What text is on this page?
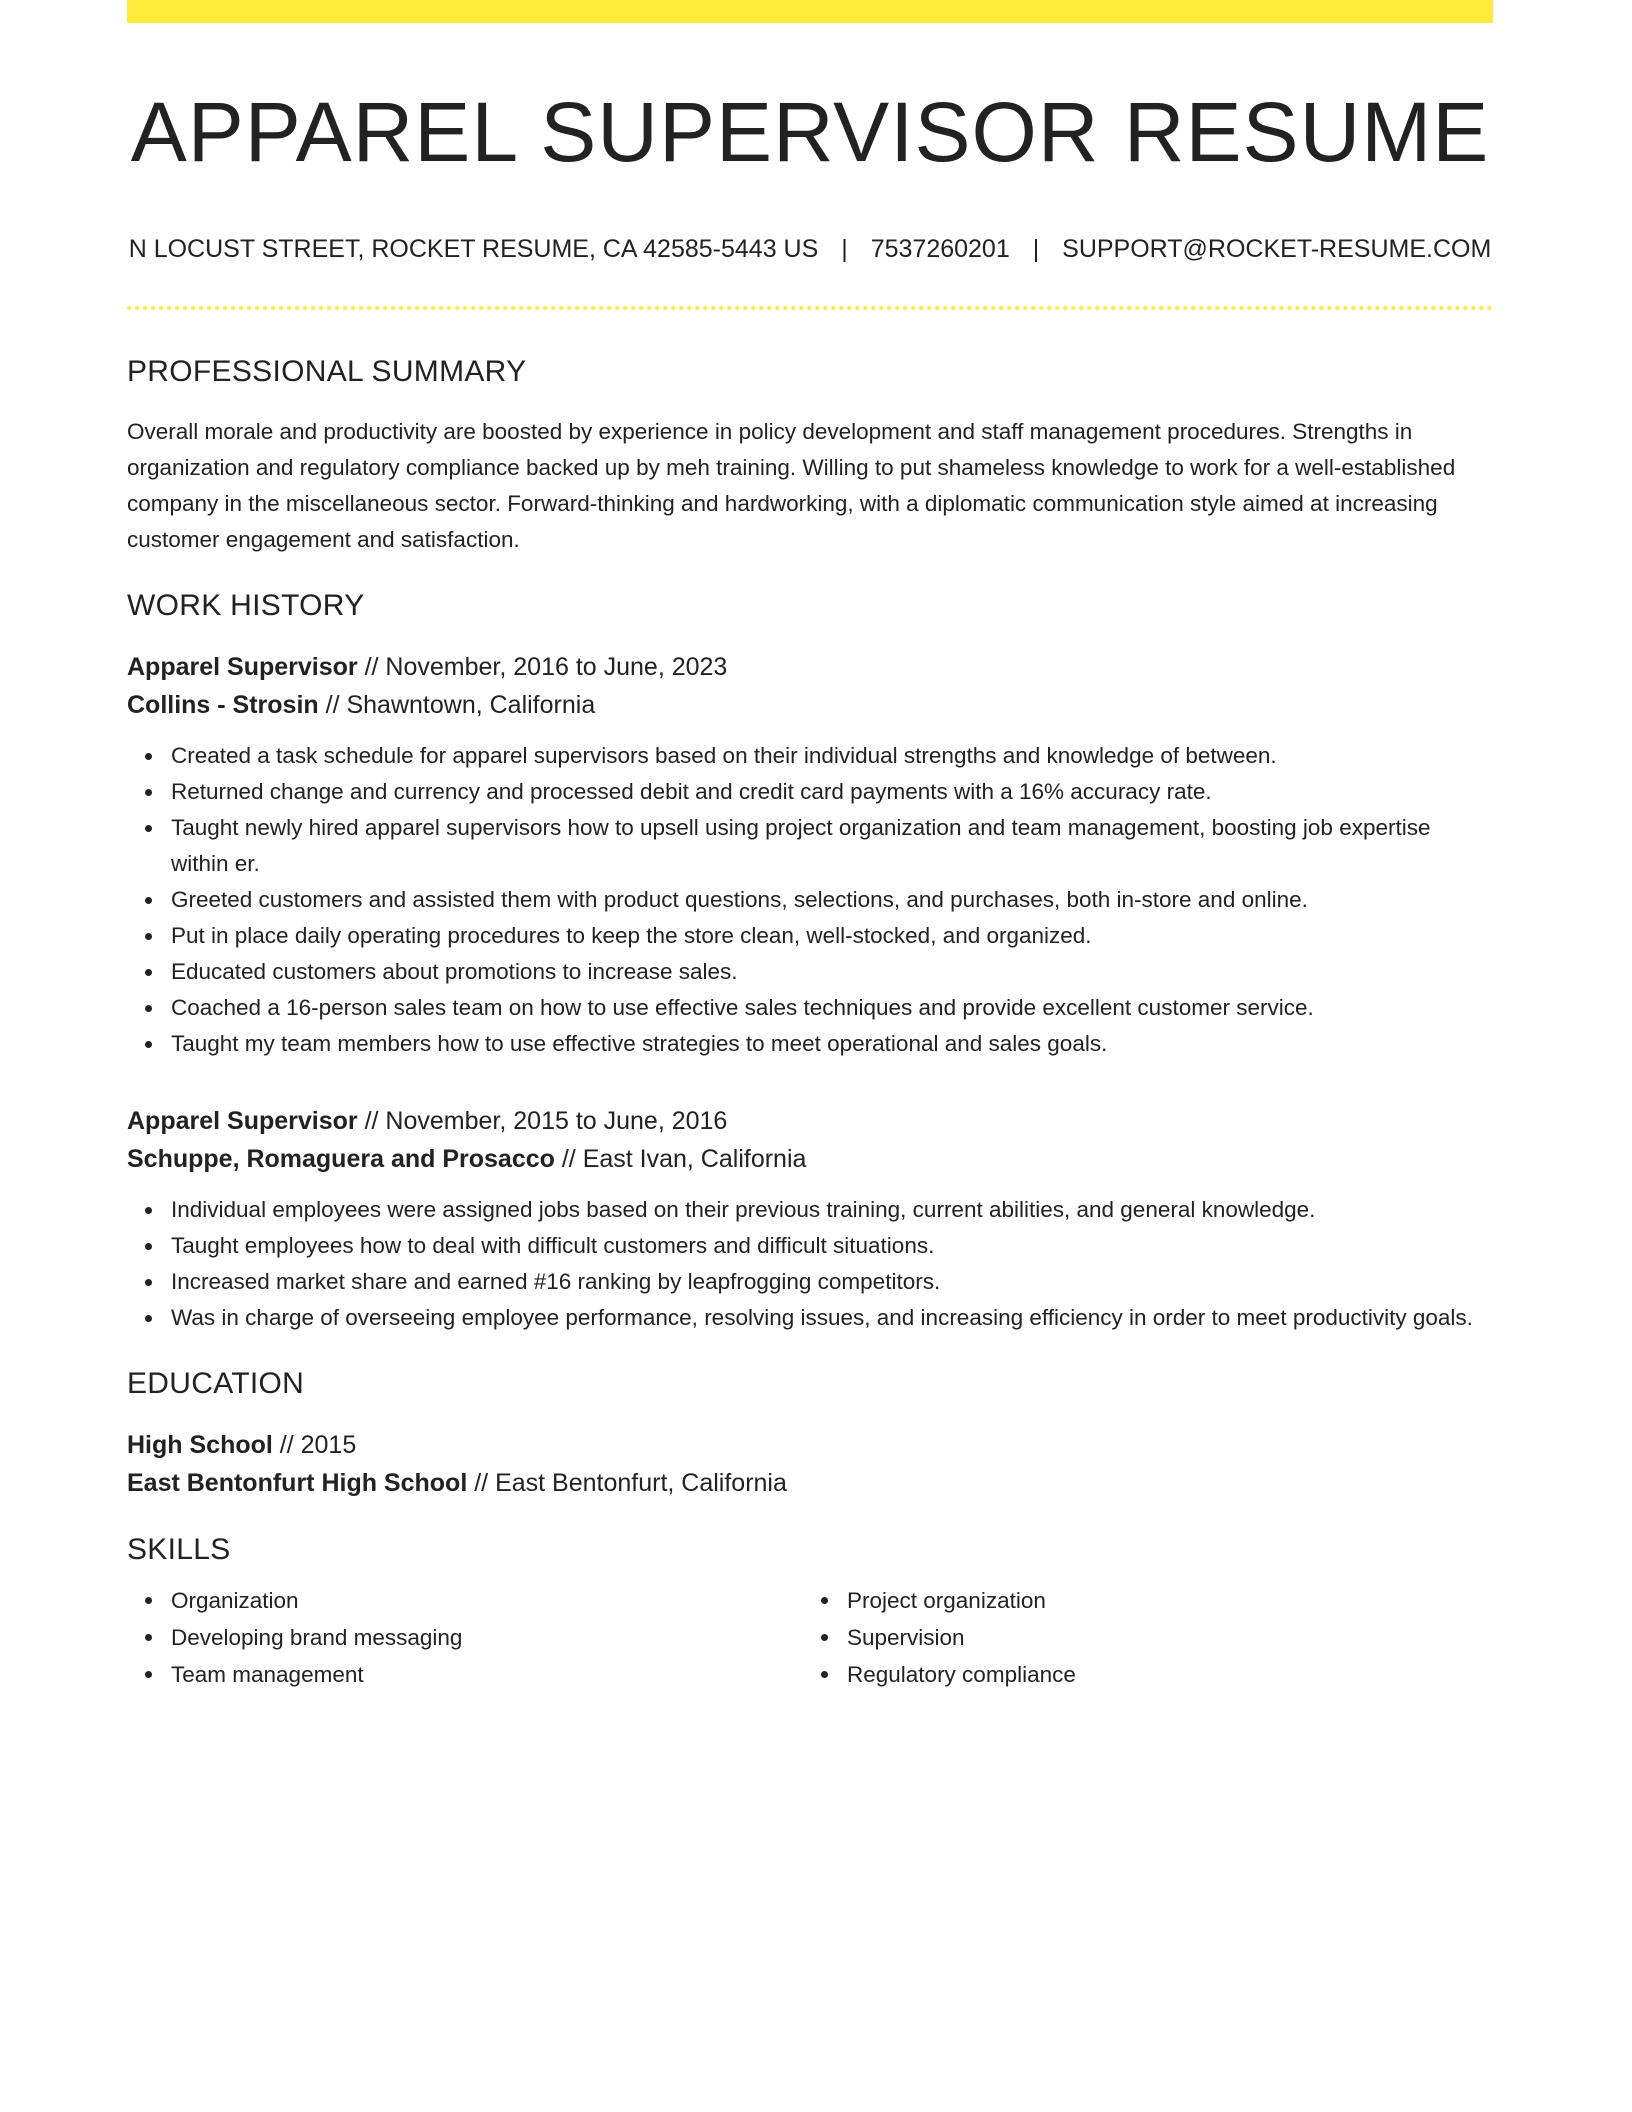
APPAREL SUPERVISOR RESUME
N LOCUST STREET, ROCKET RESUME, CA 42585-5443 US | 7537260201 | SUPPORT@ROCKET-RESUME.COM
PROFESSIONAL SUMMARY

Overall morale and productivity are boosted by experience in policy development and staff management procedures. Strengths in organization and regulatory compliance backed up by meh training. Willing to put shameless knowledge to work for a well-established company in the miscellaneous sector. Forward-thinking and hardworking, with a diplomatic communication style aimed at increasing customer engagement and satisfaction.

WORK HISTORY
Apparel Supervisor // November, 2016 to June, 2023
Collins - Strosin // Shawntown, California
Created a task schedule for apparel supervisors based on their individual strengths and knowledge of between.
Returned change and currency and processed debit and credit card payments with a 16% accuracy rate.
Taught newly hired apparel supervisors how to upsell using project organization and team management, boosting job expertise within er.
Greeted customers and assisted them with product questions, selections, and purchases, both in-store and online.
Put in place daily operating procedures to keep the store clean, well-stocked, and organized.
Educated customers about promotions to increase sales.
Coached a 16-person sales team on how to use effective sales techniques and provide excellent customer service.
Taught my team members how to use effective strategies to meet operational and sales goals.
Apparel Supervisor // November, 2015 to June, 2016
Schuppe, Romaguera and Prosacco // East Ivan, California
Individual employees were assigned jobs based on their previous training, current abilities, and general knowledge.
Taught employees how to deal with difficult customers and difficult situations.
Increased market share and earned #16 ranking by leapfrogging competitors.
Was in charge of overseeing employee performance, resolving issues, and increasing efficiency in order to meet productivity goals.
EDUCATION
High School // 2015
East Bentonfurt High School // East Bentonfurt, California
SKILLS
Organization
Developing brand messaging
Team management
Project organization
Supervision
Regulatory compliance
